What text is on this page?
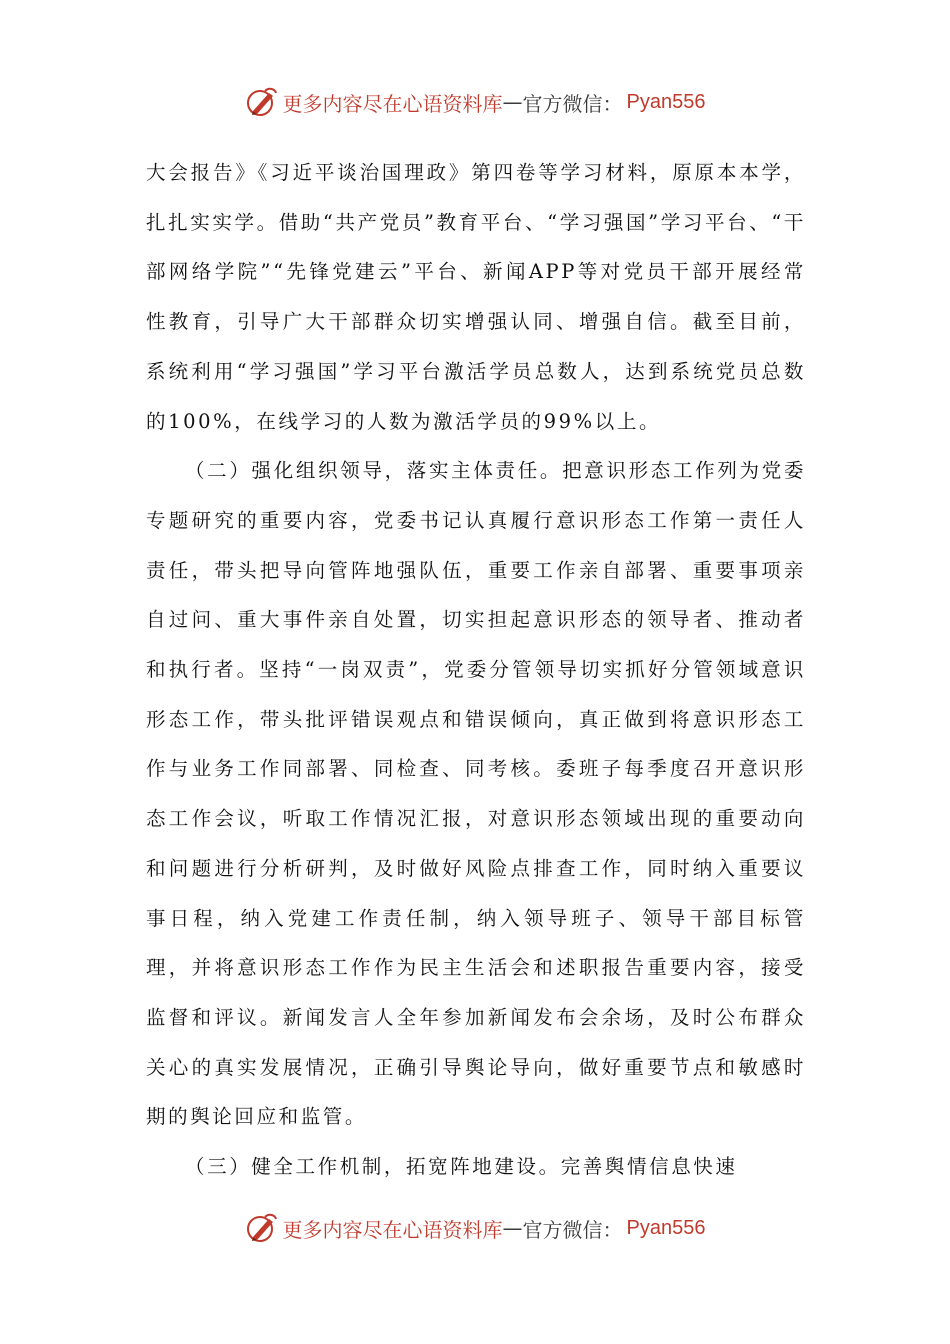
更多内容尽在心语资料库 — 官方微信： Pyan556

大会报告》《习近平谈治国理政》第四卷等学习材料，原原本本学，扎扎实实学。借助“共产党员”教育平台、“学习强国”学习平台、“干部网络学院”“先锋党建云”平台、新闻APP等对党员干部开展经常性教育，引导广大干部群众切实增强认同、增强自信。截至目前，系统利用“学习强国”学习平台激活学员总数人，达到系统党员总数的100%，在线学习的人数为激活学员的99%以上。

（二）强化组织领导，落实主体责任。把意识形态工作列为党委专题研究的重要内容，党委书记认真履行意识形态工作第一责任人责任，带头把导向管阵地强队伍，重要工作亲自部署、重要事项亲自过问、重大事件亲自处置，切实担起意识形态的领导者、推动者和执行者。坚持“一岗双责”，党委分管领导切实抓好分管领域意识形态工作，带头批评错误观点和错误倾向，真正做到将意识形态工作与业务工作同部署、同检查、同考核。委班子每季度召开意识形态工作会议，听取工作情况汇报，对意识形态领域出现的重要动向和问题进行分析研判，及时做好风险点排查工作，同时纳入重要议事日程，纳入党建工作责任制，纳入领导班子、领导干部目标管理，并将意识形态工作作为民主生活会和述职报告重要内容，接受监督和评议。新闻发言人全年参加新闻发布会余场，及时公布群众关心的真实发展情况，正确引导舆论导向，做好重要节点和敏感时期的舆论回应和监管。

（三）健全工作机制，拓宽阵地建设。完善舆情信息快速

更多内容尽在心语资料库 — 官方微信： Pyan556
